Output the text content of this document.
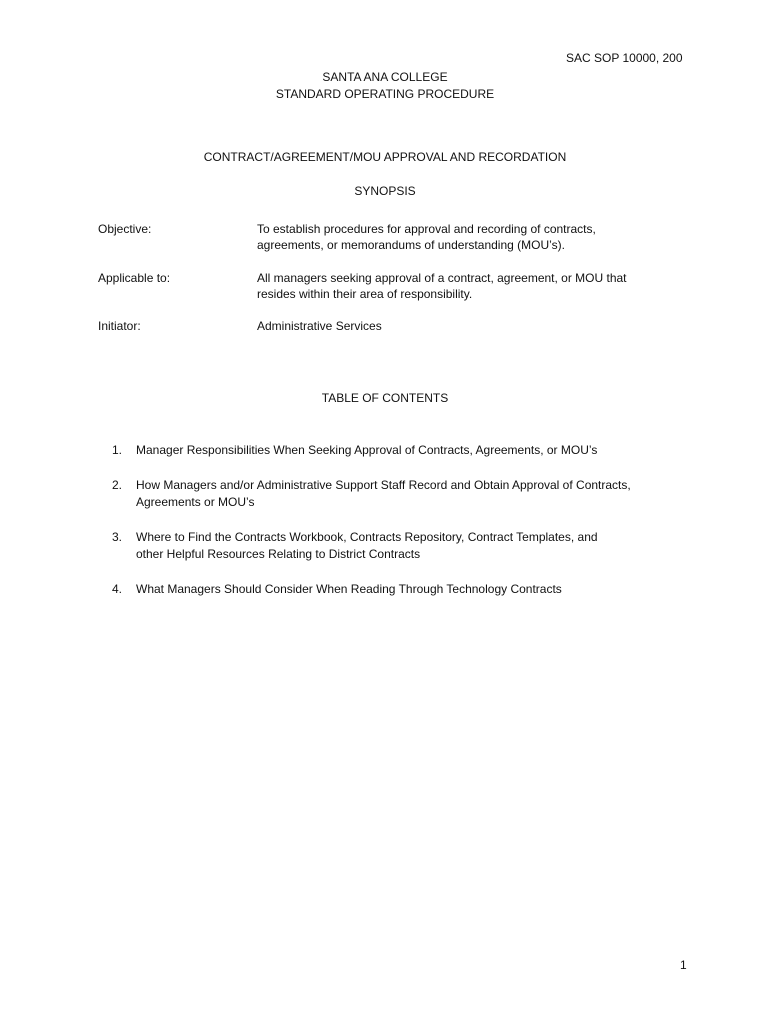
SAC SOP 10000, 200
SANTA ANA COLLEGE
STANDARD OPERATING PROCEDURE
CONTRACT/AGREEMENT/MOU APPROVAL AND RECORDATION
SYNOPSIS
Objective:	To establish procedures for approval and recording of contracts,
agreements, or memorandums of understanding (MOU’s).
Applicable to:	All managers seeking approval of a contract, agreement, or MOU that
resides within their area of responsibility.
Initiator:	Administrative Services
TABLE OF CONTENTS
1. Manager Responsibilities When Seeking Approval of Contracts, Agreements, or MOU’s
2. How Managers and/or Administrative Support Staff Record and Obtain Approval of Contracts,
Agreements or MOU’s
3. Where to Find the Contracts Workbook, Contracts Repository, Contract Templates, and
other Helpful Resources Relating to District Contracts
4. What Managers Should Consider When Reading Through Technology Contracts
1
